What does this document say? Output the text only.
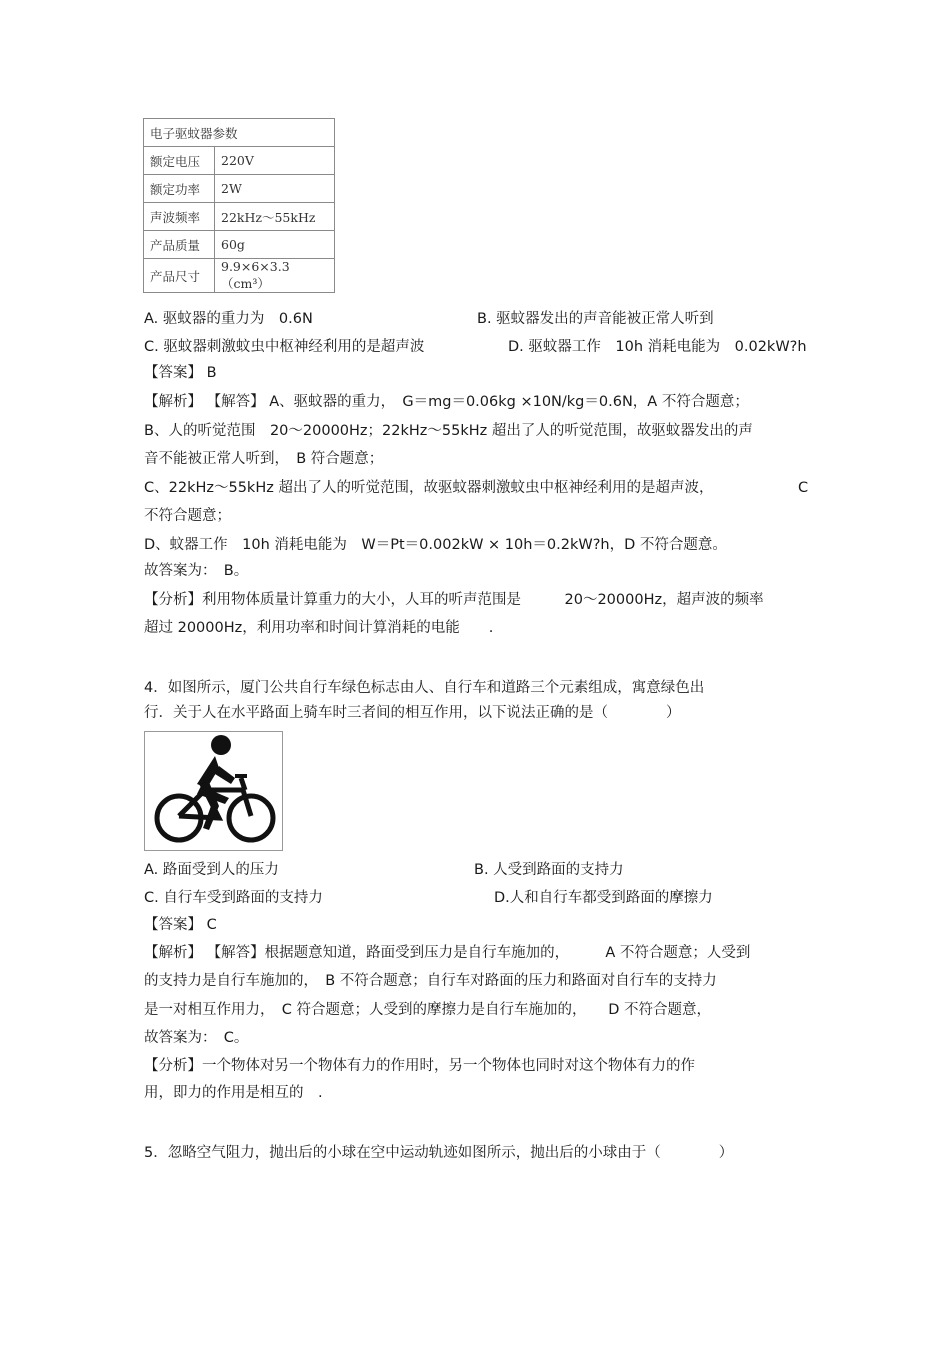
电子驱蚊器参数	
额定电压	220V
额定功率	2W
声波频率	22kHz～55kHz
产品质量	60g
产品尺寸	9.9×6×3.3（cm³）
A. 驱蚊器的重力为　0.6N	B. 驱蚊器发出的声音能被正常人听到
C. 驱蚊器刺激蚊虫中枢神经利用的是超声波	D. 驱蚊器工作　10h 消耗电能为　0.02kW?h
【答案】 B
【解析】 【解答】 A、驱蚊器的重力，　G＝mg＝0.06kg ×10N/kg＝0.6N，A 不符合题意；
B、人的听觉范围　20～20000Hz；22kHz～55kHz 超出了人的听觉范围，故驱蚊器发出的声
音不能被正常人听到，　B 符合题意；
C、22kHz～55kHz 超出了人的听觉范围，故驱蚊器刺激蚊虫中枢神经利用的是超声波，	C
不符合题意；
D、蚊器工作　10h 消耗电能为　W＝Pt＝0.002kW × 10h＝0.2kW?h，D 不符合题意。
故答案为：　B。
【分析】利用物体质量计算重力的大小，人耳的听声范围是　　　20～20000Hz，超声波的频率
超过 20000Hz，利用功率和时间计算消耗的电能　　.
4．如图所示，厦门公共自行车绿色标志由人、自行车和道路三个元素组成，寓意绿色出
行．关于人在水平路面上骑车时三者间的相互作用，以下说法正确的是（　　　　）
A. 路面受到人的压力	B. 人受到路面的支持力
C. 自行车受到路面的支持力	D.人和自行车都受到路面的摩擦力
【答案】 C
【解析】 【解答】根据题意知道，路面受到压力是自行车施加的，　　　A 不符合题意；人受到
的支持力是自行车施加的，　B 不符合题意；自行车对路面的压力和路面对自行车的支持力
是一对相互作用力，　C 符合题意；人受到的摩擦力是自行车施加的，　　D 不符合题意，
故答案为：　C。
【分析】一个物体对另一个物体有力的作用时，另一个物体也同时对这个物体有力的作
用，即力的作用是相互的　.
5．忽略空气阻力，抛出后的小球在空中运动轨迹如图所示，抛出后的小球由于（　　　　）
